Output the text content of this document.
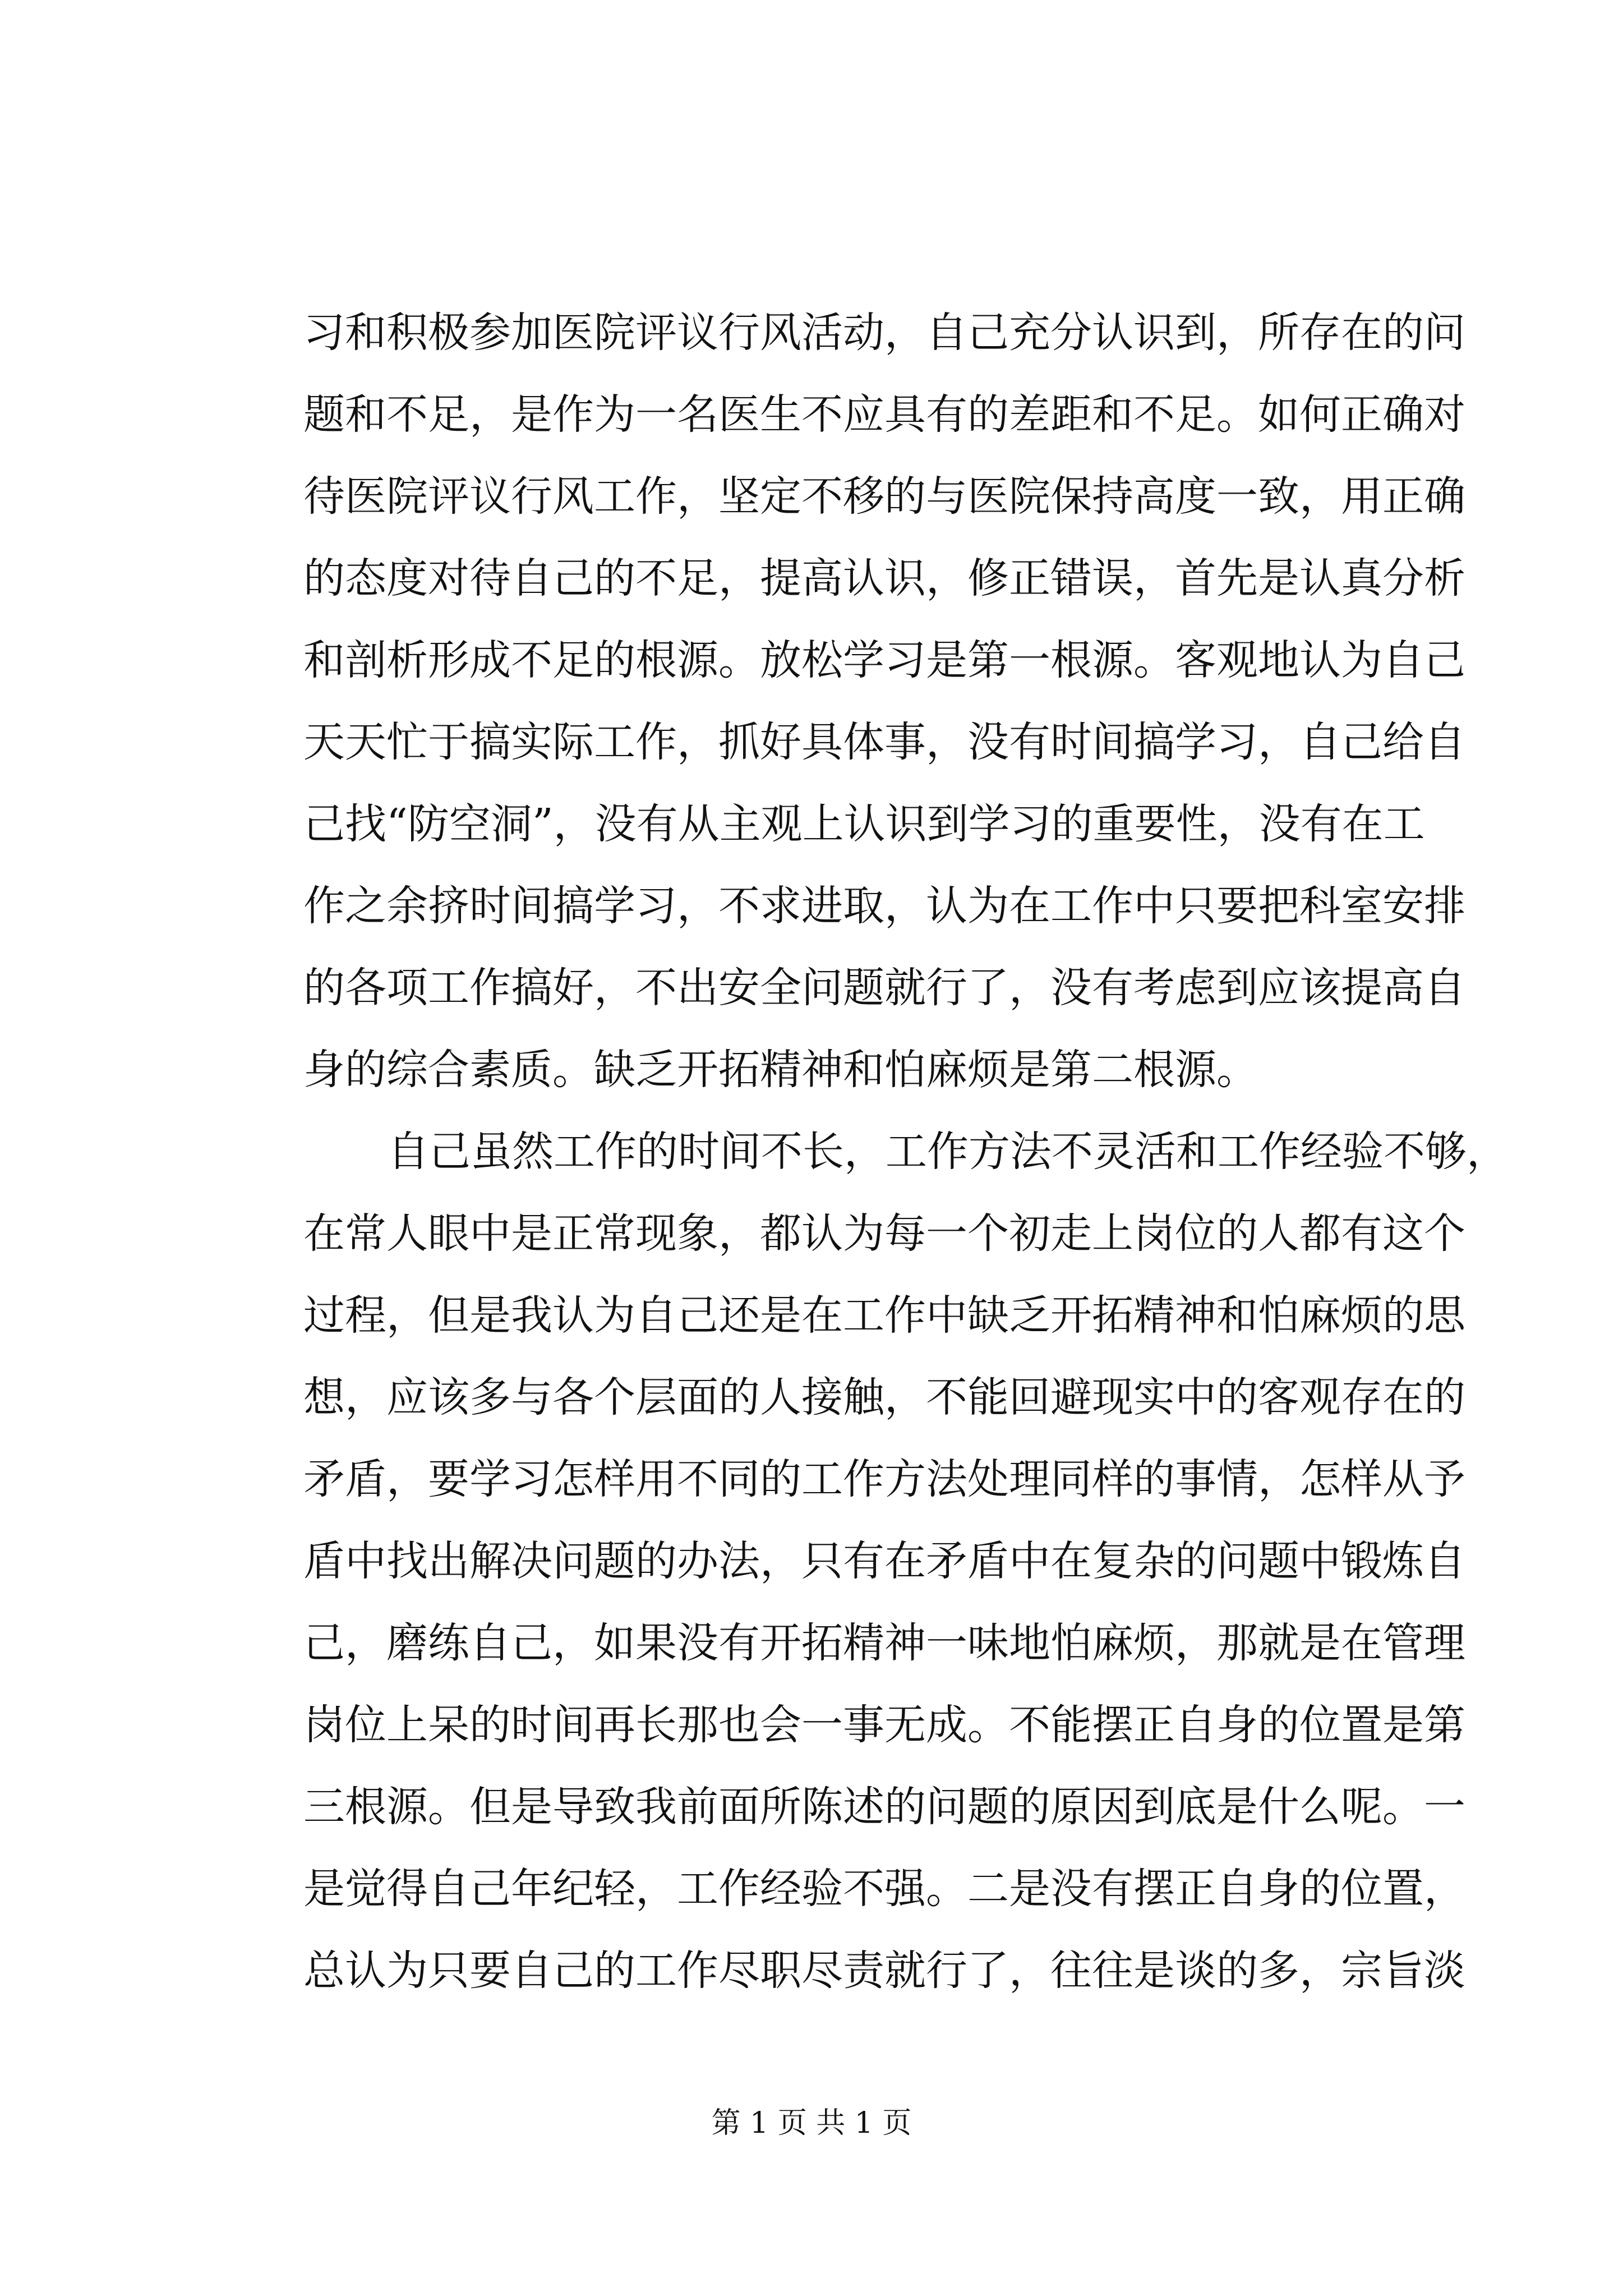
习和积极参加医院评议行风活动，自己充分认识到，所存在的问
题和不足，是作为一名医生不应具有的差距和不足。如何正确对
待医院评议行风工作，坚定不移的与医院保持高度一致，用正确
的态度对待自己的不足，提高认识，修正错误，首先是认真分析
和剖析形成不足的根源。放松学习是第一根源。客观地认为自己
天天忙于搞实际工作，抓好具体事，没有时间搞学习，自己给自
己找“防空洞”，没有从主观上认识到学习的重要性，没有在工
作之余挤时间搞学习，不求进取，认为在工作中只要把科室安排
的各项工作搞好，不出安全问题就行了，没有考虑到应该提高自
身的综合素质。缺乏开拓精神和怕麻烦是第二根源。
自己虽然工作的时间不长，工作方法不灵活和工作经验不够，
在常人眼中是正常现象，都认为每一个初走上岗位的人都有这个
过程，但是我认为自己还是在工作中缺乏开拓精神和怕麻烦的思
想，应该多与各个层面的人接触，不能回避现实中的客观存在的
矛盾，要学习怎样用不同的工作方法处理同样的事情，怎样从予
盾中找出解决问题的办法，只有在矛盾中在复杂的问题中锻炼自
己，磨练自己，如果没有开拓精神一味地怕麻烦，那就是在管理
岗位上呆的时间再长那也会一事无成。不能摆正自身的位置是第
三根源。但是导致我前面所陈述的问题的原因到底是什么呢。一
是觉得自己年纪轻，工作经验不强。二是没有摆正自身的位置，
总认为只要自己的工作尽职尽责就行了，往往是谈的多，宗旨淡
第 1 页 共 1 页
